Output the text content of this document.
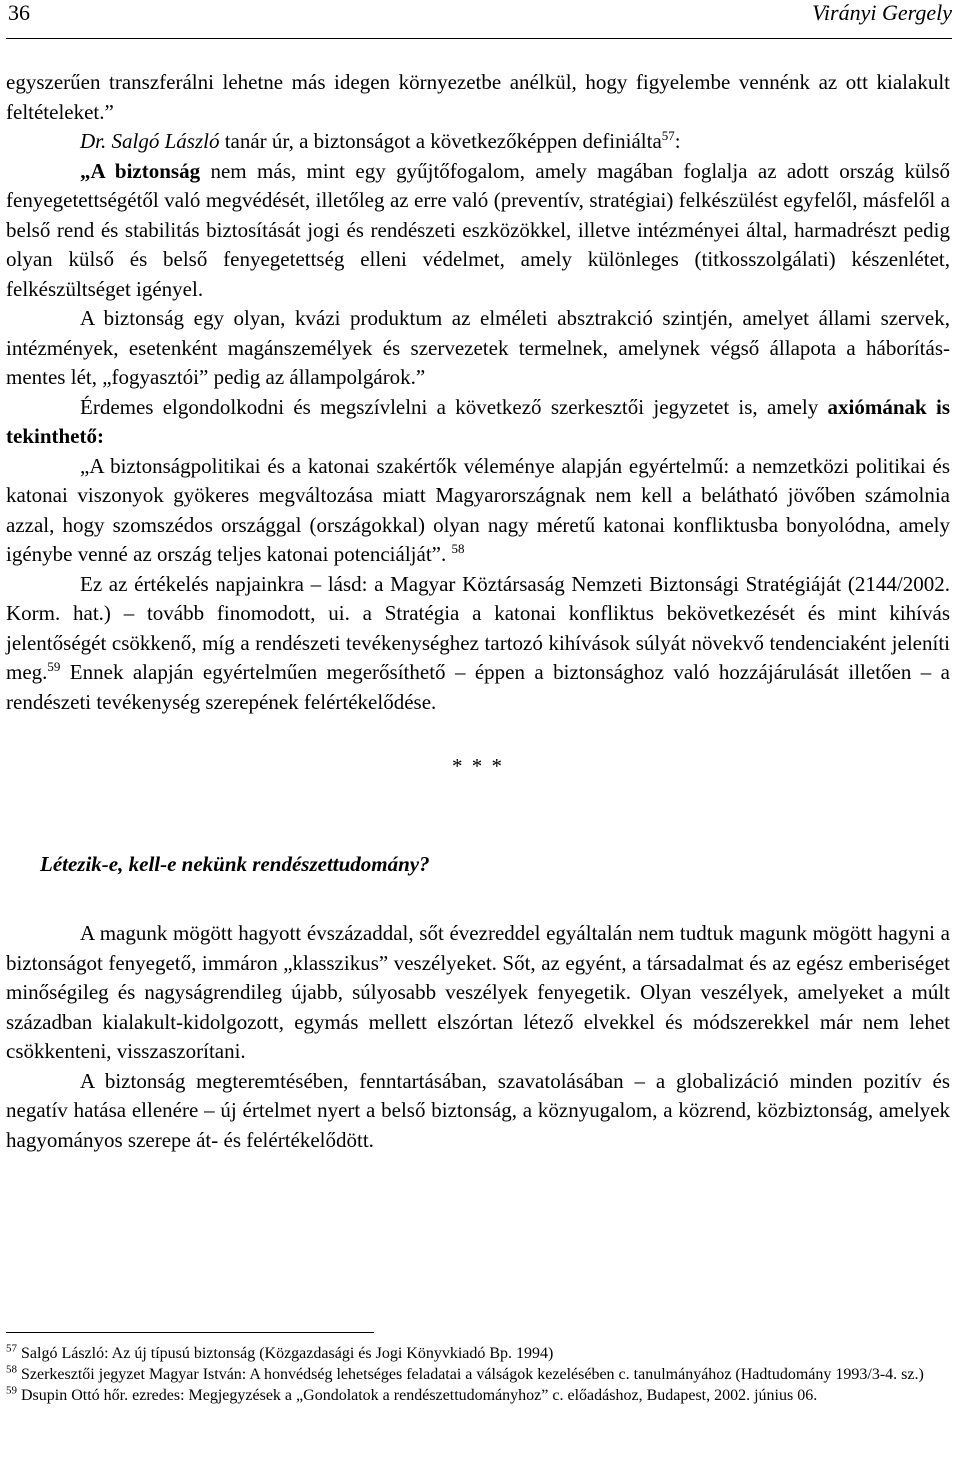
36	Virányi Gergely

egyszerűen transzferálni lehetne más idegen környezetbe anélkül, hogy figyelembe vennénk az ott kialakult feltételeket.”

Dr. Salgó László tanár úr, a biztonságot a következőképpen definiálta$^{57}$:

„A biztonság nem más, mint egy gyűjtőfogalom, amely magában foglalja az adott ország külső fenyegetettségétől való megvédését, illetőleg az erre való (preventív, stratégiai) felkészülést egyfelől, másfelől a belső rend és stabilitás biztosítását jogi és rendészeti eszközökkel, illetve intézményei által, harmadrészt pedig olyan külső és belső fenyegetettség elleni védelmet, amely különleges (titkosszolgálati) készenlétet, felkészültséget igényel.

A biztonság egy olyan, kvázi produktum az elméleti absztrakció szintjén, amelyet állami szervek, intézmények, esetenként magánszemélyek és szervezetek termelnek, amelynek végső állapota a háborítás-mentes lét, „fogyasztói” pedig az állampolgárok.”

Érdemes elgondolkodni és megszívlelni a következő szerkesztői jegyzetet is, amely axiómának is tekinthető:

„A biztonságpolitikai és a katonai szakértők véleménye alapján egyértelmű: a nemzetközi politikai és katonai viszonyok gyökeres megváltozása miatt Magyarországnak nem kell a belátható jövőben számolnia azzal, hogy szomszédos országgal (országokkal) olyan nagy méretű katonai konfliktusba bonyolódna, amely igénybe venné az ország teljes katonai potenciálját”. $^{58}$

Ez az értékelés napjainkra – lásd: a Magyar Köztársaság Nemzeti Biztonsági Stratégiáját (2144/2002. Korm. hat.) – tovább finomodott, ui. a Stratégia a katonai konfliktus bekövetkezését és mint kihívás jelentőségét csökkenő, míg a rendészeti tevékenységhez tartozó kihívások súlyát növekvő tendenciaként jeleníti meg.$^{59}$ Ennek alapján egyértelműen megerősíthető – éppen a biztonsághoz való hozzájárulását illetően – a rendészeti tevékenység szerepének felértékelődése.

* * *
Létezik-e, kell-e nekünk rendészettudomány?

A magunk mögött hagyott évszázaddal, sőt évezreddel egyáltalán nem tudtuk magunk mögött hagyni a biztonságot fenyegető, immáron „klasszikus” veszélyeket. Sőt, az egyént, a társadalmat és az egész emberiséget minőségileg és nagyságrendileg újabb, súlyosabb veszélyek fenyegetik. Olyan veszélyek, amelyeket a múlt században kialakult-kidolgozott, egymás mellett elszórtan létező elvekkel és módszerekkel már nem lehet csökkenteni, visszaszorítani.

A biztonság megteremtésében, fenntartásában, szavatolásában – a globalizáció minden pozitív és negatív hatása ellenére – új értelmet nyert a belső biztonság, a köznyugalom, a közrend, közbiztonság, amelyek hagyományos szerepe át- és felértékelődött.

$^{57}$ Salgó László: Az új típusú biztonság (Közgazdasági és Jogi Könyvkiadó Bp. 1994)

$^{58}$ Szerkesztői jegyzet Magyar István: A honvédség lehetséges feladatai a válságok kezelésében c. tanulmányához (Hadtudomány 1993/3-4. sz.)

$^{59}$ Dsupin Ottó hőr. ezredes: Megjegyzések a „Gondolatok a rendészettudományhoz” c. előadáshoz, Budapest, 2002. június 06.
